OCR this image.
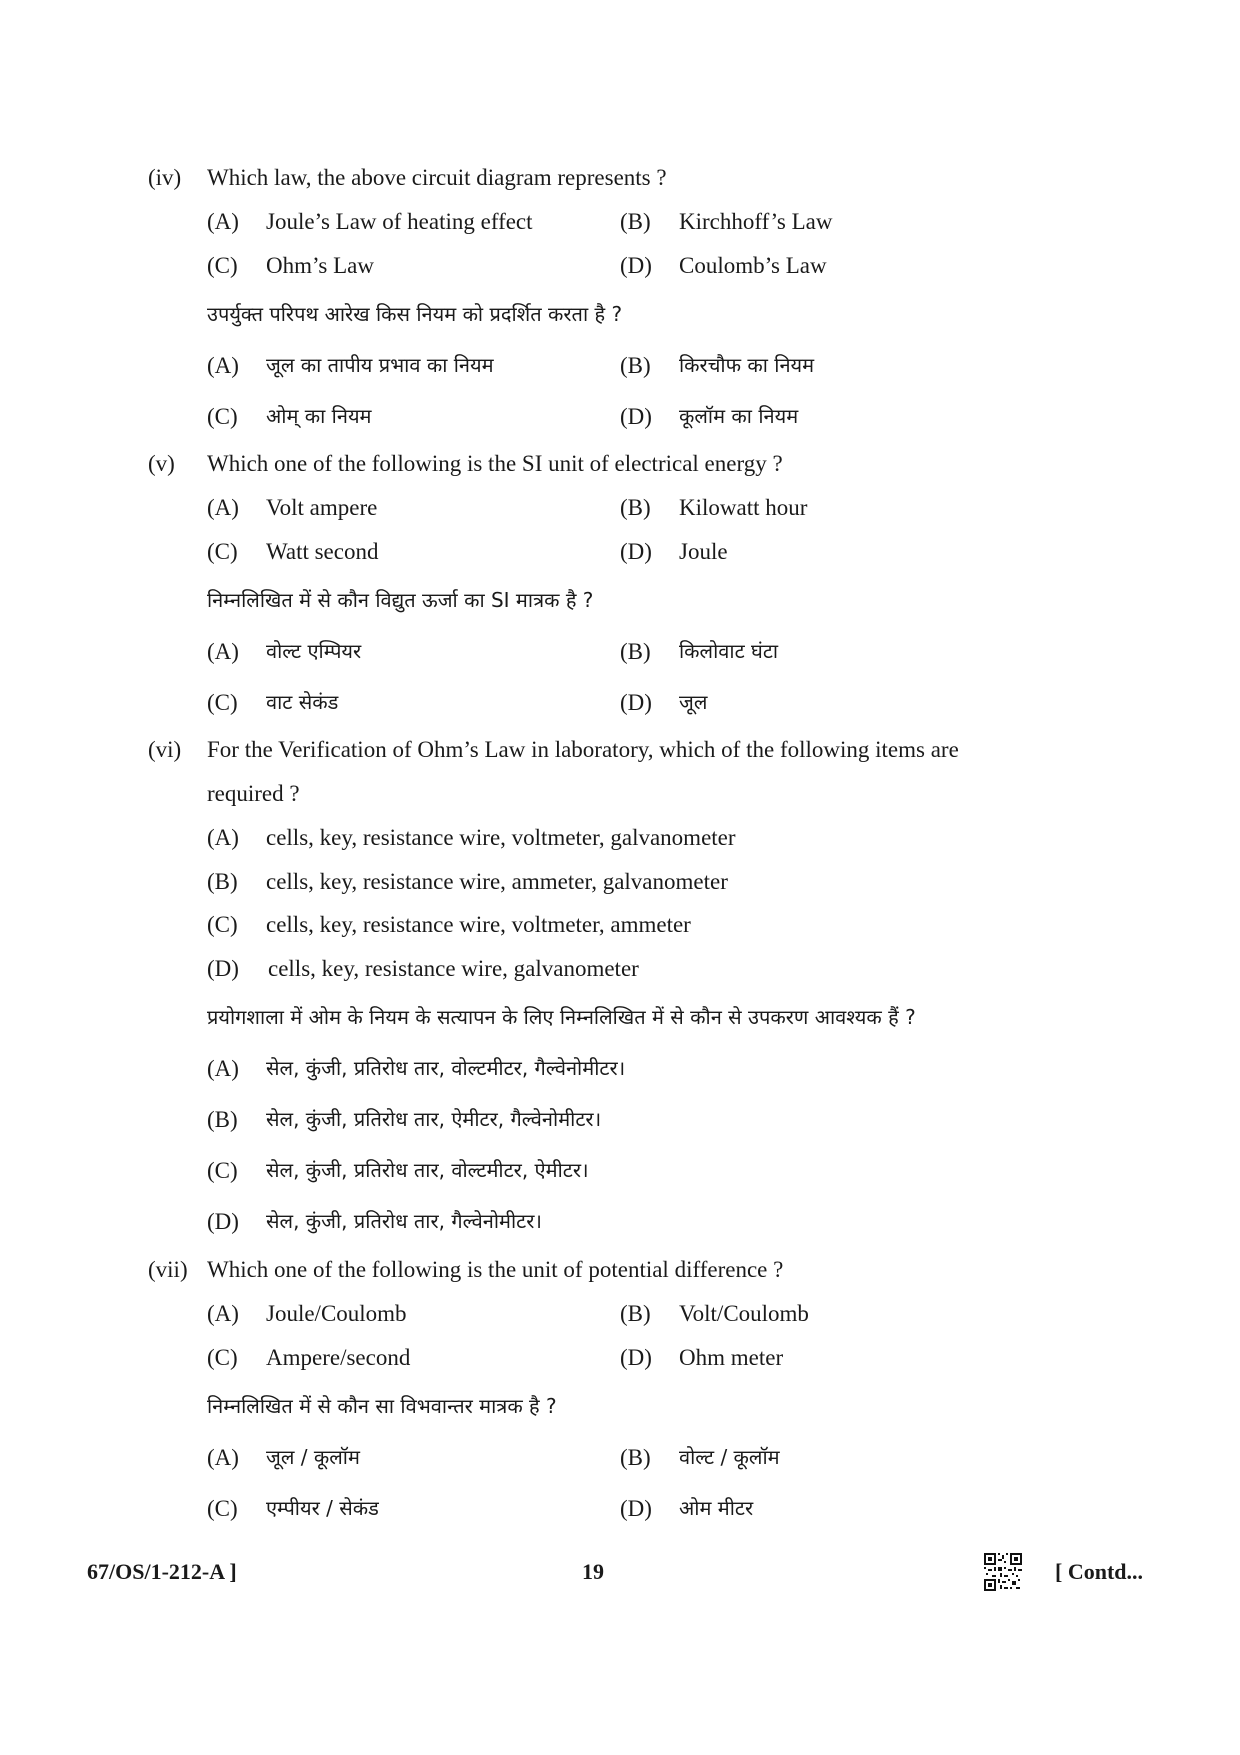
(iv) Which law, the above circuit diagram represents ?
(A) Joule’s Law of heating effect	(B) Kirchhoff’s Law
(C) Ohm’s Law	(D) Coulomb’s Law
उपर्युक्त परिपथ आरेख किस नियम को प्रदर्शित करता है ?
(A) जूल का तापीय प्रभाव का नियम	(B) किरचौफ का नियम
(C) ओम् का नियम	(D) कूलॉम का नियम
(v) Which one of the following is the SI unit of electrical energy ?
(A) Volt ampere	(B) Kilowatt hour
(C) Watt second	(D) Joule
निम्नलिखित में से कौन विद्युत ऊर्जा का SI मात्रक है ?
(A) वोल्ट एम्पियर	(B) किलोवाट घंटा
(C) वाट सेकंड	(D) जूल
(vi) For the Verification of Ohm’s Law in laboratory, which of the following items are
required ?
(A) cells, key, resistance wire, voltmeter, galvanometer
(B) cells, key, resistance wire, ammeter, galvanometer
(C) cells, key, resistance wire, voltmeter, ammeter
(D) cells, key, resistance wire, galvanometer
प्रयोगशाला में ओम के नियम के सत्यापन के लिए निम्नलिखित में से कौन से उपकरण आवश्यक हैं ?
(A) सेल, कुंजी, प्रतिरोध तार, वोल्टमीटर, गैल्वेनोमीटर।
(B) सेल, कुंजी, प्रतिरोध तार, ऐमीटर, गैल्वेनोमीटर।
(C) सेल, कुंजी, प्रतिरोध तार, वोल्टमीटर, ऐमीटर।
(D) सेल, कुंजी, प्रतिरोध तार, गैल्वेनोमीटर।
(vii) Which one of the following is the unit of potential difference ?
(A) Joule/Coulomb	(B) Volt/Coulomb
(C) Ampere/second	(D) Ohm meter
निम्नलिखित में से कौन सा विभवान्तर मात्रक है ?
(A) जूल / कूलॉम	(B) वोल्ट / कूलॉम
(C) एम्पीयर / सेकंड	(D) ओम मीटर
67/OS/1-212-A ]	19	[ Contd...
